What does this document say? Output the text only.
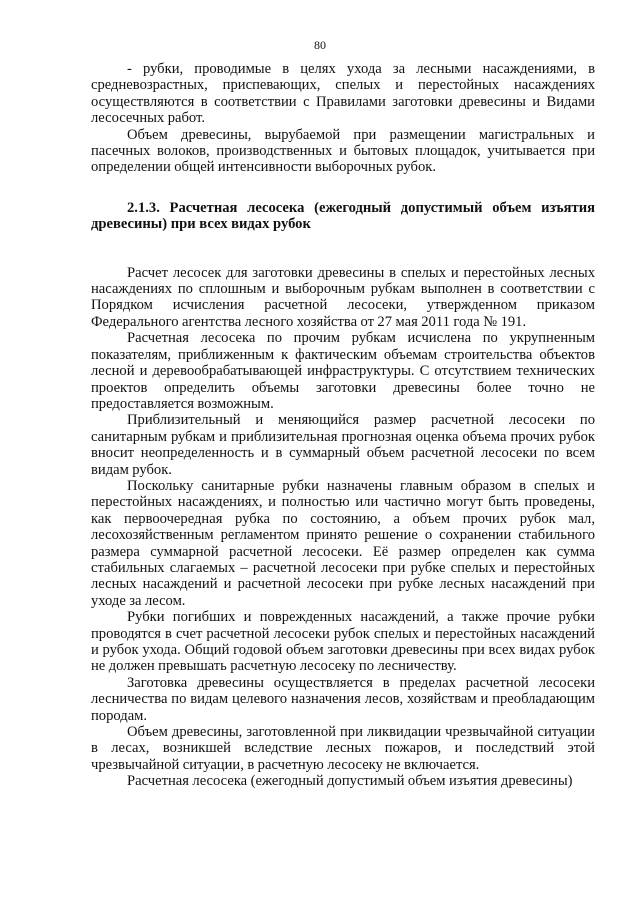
80

- рубки, проводимые в целях ухода за лесными насаждениями, в средневозрастных, приспевающих, спелых и перестойных насаждениях осуществляются в соответствии с Правилами заготовки древесины и Видами лесосечных работ.

Объем древесины, вырубаемой при размещении магистральных и пасечных волоков, производственных и бытовых площадок, учитывается при определении общей интенсивности выборочных рубок.

2.1.3. Расчетная лесосека (ежегодный допустимый объем изъятия древесины) при всех видах рубок

Расчет лесосек для заготовки древесины в спелых и перестойных лесных насаждениях по сплошным и выборочным рубкам выполнен в соответствии с Порядком исчисления расчетной лесосеки, утвержденном приказом Федерального агентства лесного хозяйства от 27 мая 2011 года № 191.

Расчетная лесосека по прочим рубкам исчислена по укрупненным показателям, приближенным к фактическим объемам строительства объектов лесной и деревообрабатывающей инфраструктуры. С отсутствием технических проектов определить объемы заготовки древесины более точно не предоставляется возможным.

Приблизительный и меняющийся размер расчетной лесосеки по санитарным рубкам и приблизительная прогнозная оценка объема прочих рубок вносит неопределенность и в суммарный объем расчетной лесосеки по всем видам рубок.

Поскольку санитарные рубки назначены главным образом в спелых и перестойных насаждениях, и полностью или частично могут быть проведены, как первоочередная рубка по состоянию, а объем прочих рубок мал, лесохозяйственным регламентом принято решение о сохранении стабильного размера суммарной расчетной лесосеки. Её размер определен как сумма стабильных слагаемых – расчетной лесосеки при рубке спелых и перестойных лесных насаждений и расчетной лесосеки при рубке лесных насаждений при уходе за лесом.

Рубки погибших и поврежденных насаждений, а также прочие рубки проводятся в счет расчетной лесосеки рубок спелых и перестойных насаждений и рубок ухода. Общий годовой объем заготовки древесины при всех видах рубок не должен превышать расчетную лесосеку по лесничеству.

Заготовка древесины осуществляется в пределах расчетной лесосеки лесничества по видам целевого назначения лесов, хозяйствам и преобладающим породам.

Объем древесины, заготовленной при ликвидации чрезвычайной ситуации в лесах, возникшей вследствие лесных пожаров, и последствий этой чрезвычайной ситуации, в расчетную лесосеку не включается.

Расчетная лесосека (ежегодный допустимый объем изъятия древесины)
